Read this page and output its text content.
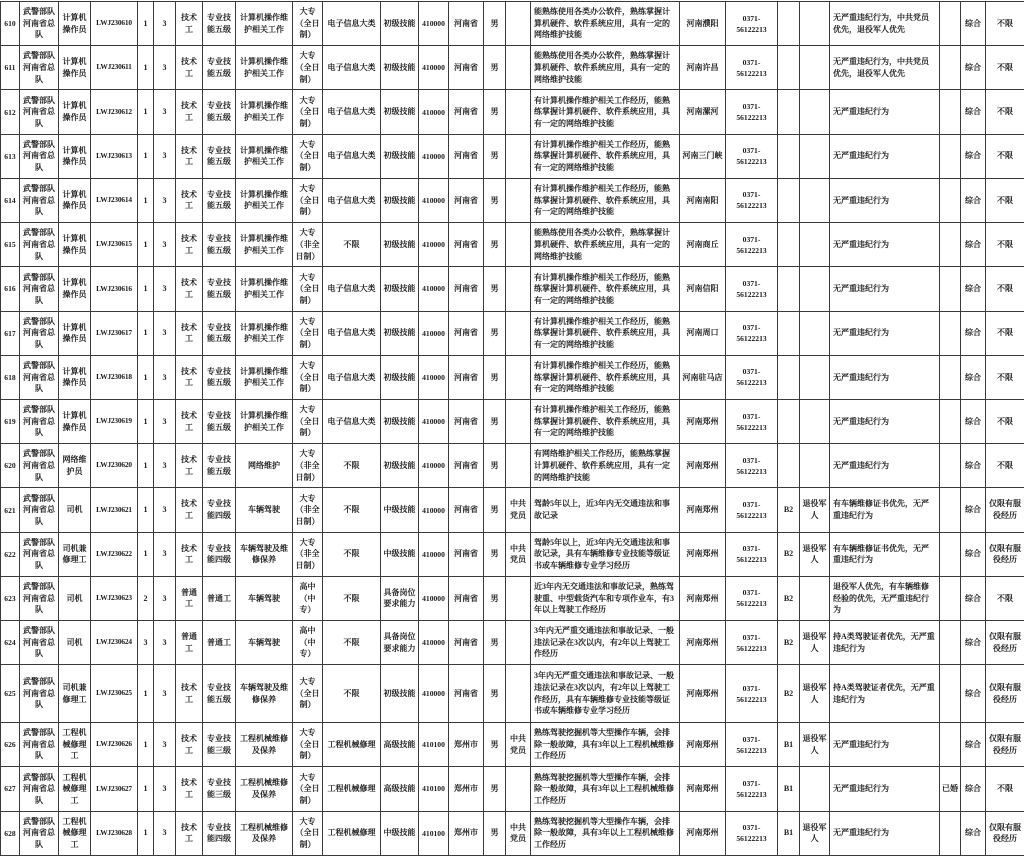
610	武警部队河南省总队	计算机操作员	LWJ230610	1	3	技术工	专业技能五级	计算机操作维护相关工作	大专（全日制）	电子信息大类	初级技能	410000	河南省	男		能熟练使用各类办公软件，熟练掌握计算机硬件、软件系统应用，具有一定的网络维护技能	河南濮阳	0371-56122213			无严重违纪行为，中共党员优先，退役军人优先		综合	不限
611	武警部队河南省总队	计算机操作员	LWJ230611	1	3	技术工	专业技能五级	计算机操作维护相关工作	大专（全日制）	电子信息大类	初级技能	410000	河南省	男		能熟练使用各类办公软件，熟练掌握计算机硬件、软件系统应用，具有一定的网络维护技能	河南许昌	0371-56122213			无严重违纪行为，中共党员优先，退役军人优先		综合	不限
612	武警部队河南省总队	计算机操作员	LWJ230612	1	3	技术工	专业技能五级	计算机操作维护相关工作	大专（全日制）	电子信息大类	初级技能	410000	河南省	男		有计算机操作维护相关工作经历，能熟练掌握计算机硬件、软件系统应用，具有一定的网络维护技能	河南漯河	0371-56122213			无严重违纪行为		综合	不限
613	武警部队河南省总队	计算机操作员	LWJ230613	1	3	技术工	专业技能五级	计算机操作维护相关工作	大专（全日制）	电子信息大类	初级技能	410000	河南省	男		有计算机操作维护相关工作经历，能熟练掌握计算机硬件、软件系统应用，具有一定的网络维护技能	河南三门峡	0371-56122213			无严重违纪行为		综合	不限
614	武警部队河南省总队	计算机操作员	LWJ230614	1	3	技术工	专业技能五级	计算机操作维护相关工作	大专（全日制）	电子信息大类	初级技能	410000	河南省	男		有计算机操作维护相关工作经历，能熟练掌握计算机硬件、软件系统应用，具有一定的网络维护技能	河南南阳	0371-56122213			无严重违纪行为		综合	不限
615	武警部队河南省总队	计算机操作员	LWJ230615	1	3	技术工	专业技能五级	计算机操作维护相关工作	大专（非全日制）	不限	初级技能	410000	河南省	男		能熟练使用各类办公软件，熟练掌握计算机硬件、软件系统应用，具有一定的网络维护技能	河南商丘	0371-56122213			无严重违纪行为		综合	不限
616	武警部队河南省总队	计算机操作员	LWJ230616	1	3	技术工	专业技能五级	计算机操作维护相关工作	大专（全日制）	电子信息大类	初级技能	410000	河南省	男		有计算机操作维护相关工作经历，能熟练掌握计算机硬件、软件系统应用，具有一定的网络维护技能	河南信阳	0371-56122213			无严重违纪行为		综合	不限
617	武警部队河南省总队	计算机操作员	LWJ230617	1	3	技术工	专业技能五级	计算机操作维护相关工作	大专（全日制）	电子信息大类	初级技能	410000	河南省	男		有计算机操作维护相关工作经历，能熟练掌握计算机硬件、软件系统应用，具有一定的网络维护技能	河南周口	0371-56122213			无严重违纪行为		综合	不限
618	武警部队河南省总队	计算机操作员	LWJ230618	1	3	技术工	专业技能五级	计算机操作维护相关工作	大专（全日制）	电子信息大类	初级技能	410000	河南省	男		有计算机操作维护相关工作经历，能熟练掌握计算机硬件、软件系统应用，具有一定的网络维护技能	河南驻马店	0371-56122213			无严重违纪行为		综合	不限
619	武警部队河南省总队	计算机操作员	LWJ230619	1	3	技术工	专业技能五级	计算机操作维护相关工作	大专（全日制）	电子信息大类	初级技能	410000	河南省	男		有计算机操作维护相关工作经历，能熟练掌握计算机硬件、软件系统应用，具有一定的网络维护技能	河南郑州	0371-56122213			无严重违纪行为		综合	不限
620	武警部队河南省总队	网络维护员	LWJ230620	1	3	技术工	专业技能五级	网络维护	大专（非全日制）	不限	初级技能	410000	河南省	男		有网络维护相关工作经历，能熟练掌握计算机硬件、软件系统应用，具有一定的网络维护技能	河南郑州	0371-56122213			无严重违纪行为		综合	不限
621	武警部队河南省总队	司机	LWJ230621	1	3	技术工	专业技能四级	车辆驾驶	大专（非全日制）	不限	中级技能	410000	河南省	男	中共党员	驾龄5年以上，近3年内无交通违法和事故记录	河南郑州	0371-56122213	B2	退役军人	有车辆维修证书优先，无严重违纪行为		综合	仅限有服役经历
622	武警部队河南省总队	司机兼修理工	LWJ230622	1	3	技术工	专业技能四级	车辆驾驶及维修保养	大专（非全日制）	不限	中级技能	410000	河南省	男	中共党员	驾龄5年以上，近3年内无交通违法和事故记录，具有车辆维修专业技能等级证书或车辆维修专业学习经历	河南郑州	0371-56122213	B2	退役军人	有车辆维修证书优先，无严重违纪行为		综合	仅限有服役经历
623	武警部队河南省总队	司机	LWJ230623	2	3	普通工	普通工	车辆驾驶	高中（中专）	不限	具备岗位要求能力	410000	河南省	男		近3年内无交通违法和事故记录，熟练驾驶重、中型载货汽车和专项作业车，有3年以上驾驶工作经历	河南郑州	0371-56122213	B2		退役军人优先，有车辆维修经验的优先，无严重违纪行为		综合	不限
624	武警部队河南省总队	司机	LWJ230624	3	3	普通工	普通工	车辆驾驶	高中（中专）	不限	具备岗位要求能力	410000	河南省	男		3年内无严重交通违法和事故记录、一般违法记录在3次以内，有2年以上驾驶工作经历	河南郑州	0371-56122213	B2	退役军人	持A类驾驶证者优先，无严重违纪行为		综合	仅限有服役经历
625	武警部队河南省总队	司机兼修理工	LWJ230625	1	3	技术工	专业技能五级	车辆驾驶及维修保养	大专（全日制）	不限	初级技能	410000	河南省	男		3年内无严重交通违法和事故记录、一般违法记录在3次以内，有2年以上驾驶工作经历，具有车辆维修专业技能等级证书或车辆维修专业学习经历	河南郑州	0371-56122213	B2	退役军人	持A类驾驶证者优先，无严重违纪行为		综合	仅限有服役经历
626	武警部队河南省总队	工程机械修理工	LWJ230626	1	3	技术工	专业技能三级	工程机械维修及保养	大专（全日制）	工程机械修理	高级技能	410100	郑州市	男	中共党员	熟练驾驶挖掘机等大型操作车辆，会排除一般故障，具有3年以上工程机械维修工作经历	河南郑州	0371-56122213	B1	退役军人	无严重违纪行为		综合	仅限有服役经历
627	武警部队河南省总队	工程机械修理工	LWJ230627	1	3	技术工	专业技能三级	工程机械维修及保养	大专（全日制）	工程机械修理	高级技能	410100	郑州市	男		熟练驾驶挖掘机等大型操作车辆，会排除一般故障，具有3年以上工程机械维修工作经历	河南郑州	0371-56122213	B1		无严重违纪行为	已婚	综合	不限
628	武警部队河南省总队	工程机械修理工	LWJ230628	1	3	技术工	专业技能四级	工程机械维修及保养	大专（全日制）	工程机械修理	中级技能	410100	郑州市	男	中共党员	熟练驾驶挖掘机等大型操作车辆，会排除一般故障，具有3年以上工程机械维修工作经历	河南郑州	0371-56122213	B1	退役军人	无严重违纪行为		综合	仅限有服役经历
